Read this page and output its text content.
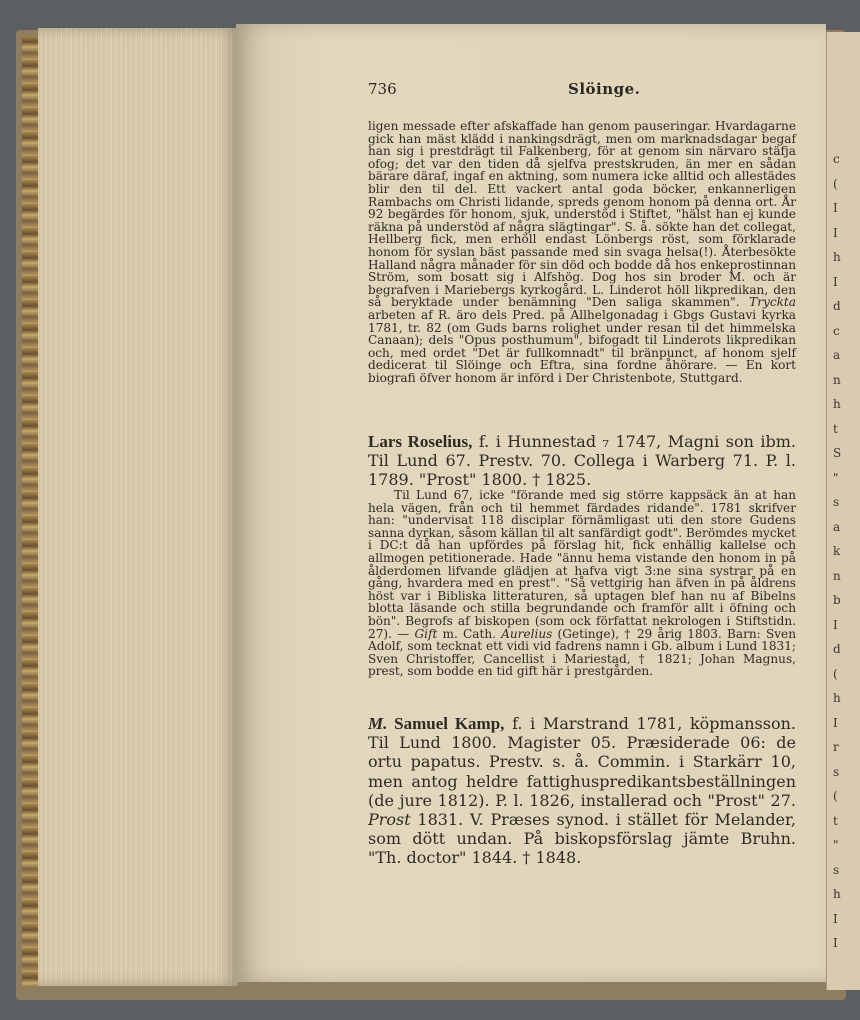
c
(
I
I
h
I
d
c
a
n
h
t
S
"
s
a
k
n
b
I
d
(
h
I
r
s
(
t
"
s
h
I
I
736	Slöinge.

ligen messade efter afskaffade han genom pauseringar. Hvardagarne gick han mäst klädd i nankingsdrägt, men om marknadsdagar begaf han sig i prestdrägt til Falkenberg, för at genom sin närvaro stäfja ofog; det var den tiden då sjelfva prestskruden, än mer en sådan bärare däraf, ingaf en aktning, som numera icke alltid och allestädes blir den til del. Ett vackert antal goda böcker, enkannerligen Rambachs om Christi lidande, spreds genom honom på denna ort. År 92 begärdes för honom, sjuk, understöd i Stiftet, "hälst han ej kunde räkna på understöd af några slägtingar". S. å. sökte han det collegat, Hellberg fick, men erhöll endast Lönbergs röst, som förklarade honom för syslan bäst passande med sin svaga helsa(!). Återbesökte Halland några månader för sin död och bodde då hos enkeprostinnan Ström, som bosatt sig i Alfshög. Dog hos sin broder M. och är begrafven i Mariebergs kyrkogård. L. Linderot höll likpredikan, den så beryktade under benämning "Den saliga skammen". Tryckta arbeten af R. äro dels Pred. på Allhelgonadag i Gbgs Gustavi kyrka 1781, tr. 82 (om Guds barns rolighet under resan til det himmelska Canaan); dels "Opus posthumum", bifogadt til Linderots likpredikan och, med ordet "Det är fullkomnadt" til bränpunct, af honom sjelf dedicerat til Slöinge och Eftra, sina fordne åhörare. — En kort biografi öfver honom är införd i Der Christenbote, Stuttgard.

Lars Roselius, f. i Hunnestad ₇ 1747, Magni son ibm. Til Lund 67. Prestv. 70. Collega i Warberg 71. P. l. 1789. "Prost" 1800. † 1825.

Til Lund 67, icke "förande med sig större kappsäck än at han hela vägen, från och til hemmet färdades ridande". 1781 skrifver han: "undervisat 118 disciplar förnämligast uti den store Gudens sanna dyrkan, såsom källan til alt sanfärdigt godt". Berömdes mycket i DC:t då han upfördes på förslag hit, fick enhällig kallelse och allmogen petitionerade. Hade "ännu hema vistande den honom in på ålderdomen lifvande glädjen at hafva vigt 3:ne sina systrar på en gång, hvardera med en prest". "Så vettgirig han äfven in på åldrens höst var i Bibliska litteraturen, så uptagen blef han nu af Bibelns blotta läsande och stilla begrundande och framför allt i öfning och bön". Begrofs af biskopen (som ock författat nekrologen i Stiftstidn. 27). — Gift m. Cath. Aurelius (Getinge), † 29 årig 1803. Barn: Sven Adolf, som tecknat ett vidi vid fadrens namn i Gb. album i Lund 1831; Sven Christoffer, Cancellist i Mariestad, † 1821; Johan Magnus, prest, som bodde en tid gift här i prestgården.

M. Samuel Kamp, f. i Marstrand 1781, köpmansson. Til Lund 1800. Magister 05. Præsiderade 06: de ortu papatus. Prestv. s. å. Commin. i Starkärr 10, men antog heldre fattighuspredikantsbeställningen (de jure 1812). P. l. 1826, installerad och "Prost" 27. Prost 1831. V. Præses synod. i stället för Melander, som dött undan. På biskopsförslag jämte Bruhn. "Th. doctor" 1844. † 1848.
